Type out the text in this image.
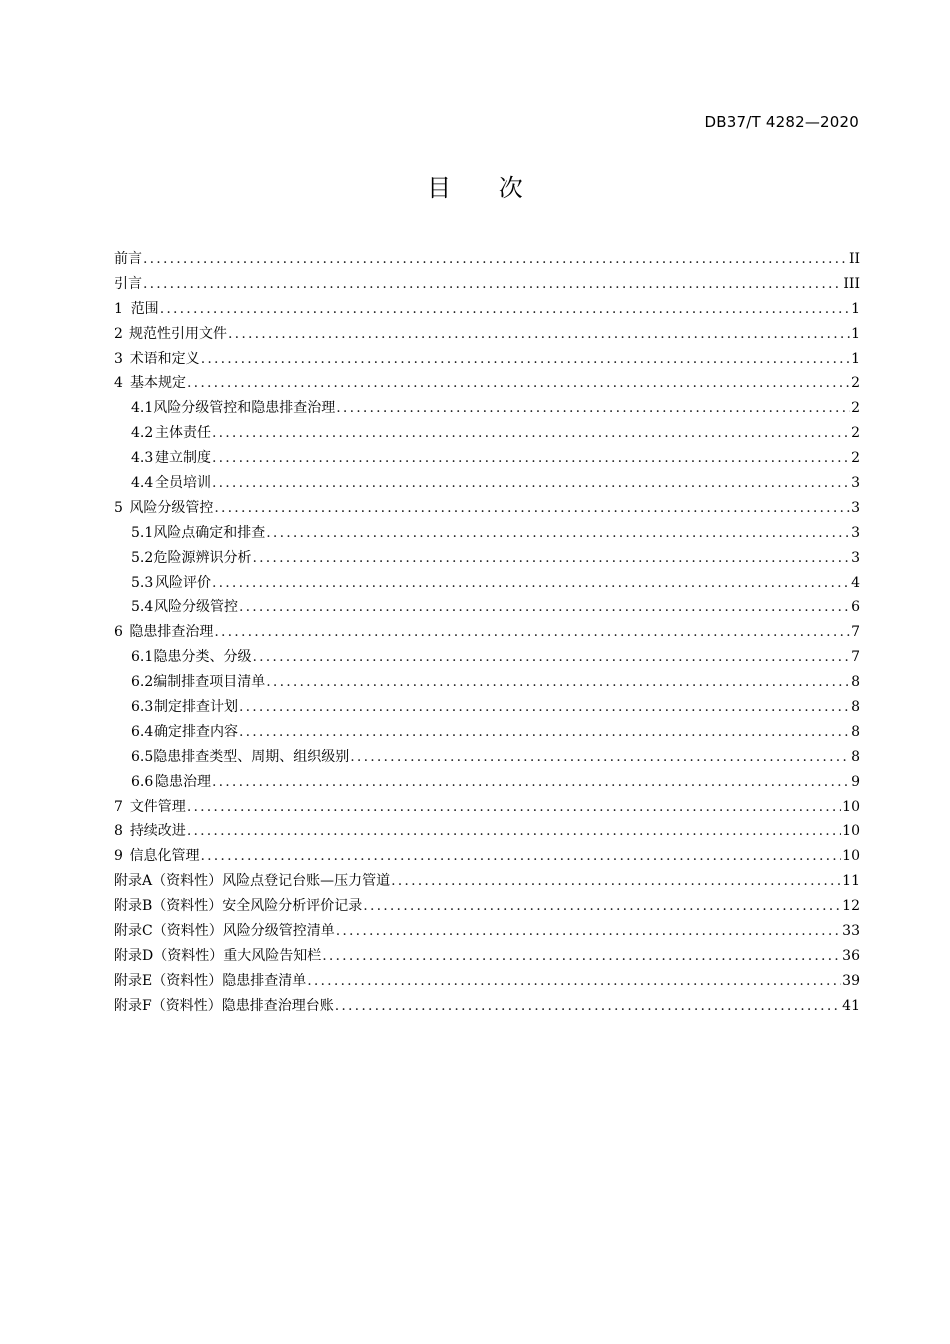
DB37/T 4282—2020
目 次
前言 .....	II
引言 .....	III
1 范围 .....	1
2 规范性引用文件 .....	1
3 术语和定义 .....	1
4 基本规定 .....	2
4.1 风险分级管控和隐患排查治理 .....	2
4.2 主体责任 .....	2
4.3 建立制度 .....	2
4.4 全员培训 .....	3
5 风险分级管控 .....	3
5.1 风险点确定和排查 .....	3
5.2 危险源辨识分析 .....	3
5.3 风险评价 .....	4
5.4 风险分级管控 .....	6
6 隐患排查治理 .....	7
6.1 隐患分类、分级 .....	7
6.2 编制排查项目清单 .....	8
6.3 制定排查计划 .....	8
6.4 确定排查内容 .....	8
6.5 隐患排查类型、周期、组织级别 .....	8
6.6 隐患治理 .....	9
7 文件管理 .....	10
8 持续改进 .....	10
9 信息化管理 .....	10
附录A（资料性） 风险点登记台账—压力管道 .....	11
附录B（资料性） 安全风险分析评价记录 .....	12
附录C（资料性） 风险分级管控清单 .....	33
附录D（资料性） 重大风险告知栏 .....	36
附录E（资料性） 隐患排查清单 .....	39
附录F（资料性） 隐患排查治理台账 .....	41
